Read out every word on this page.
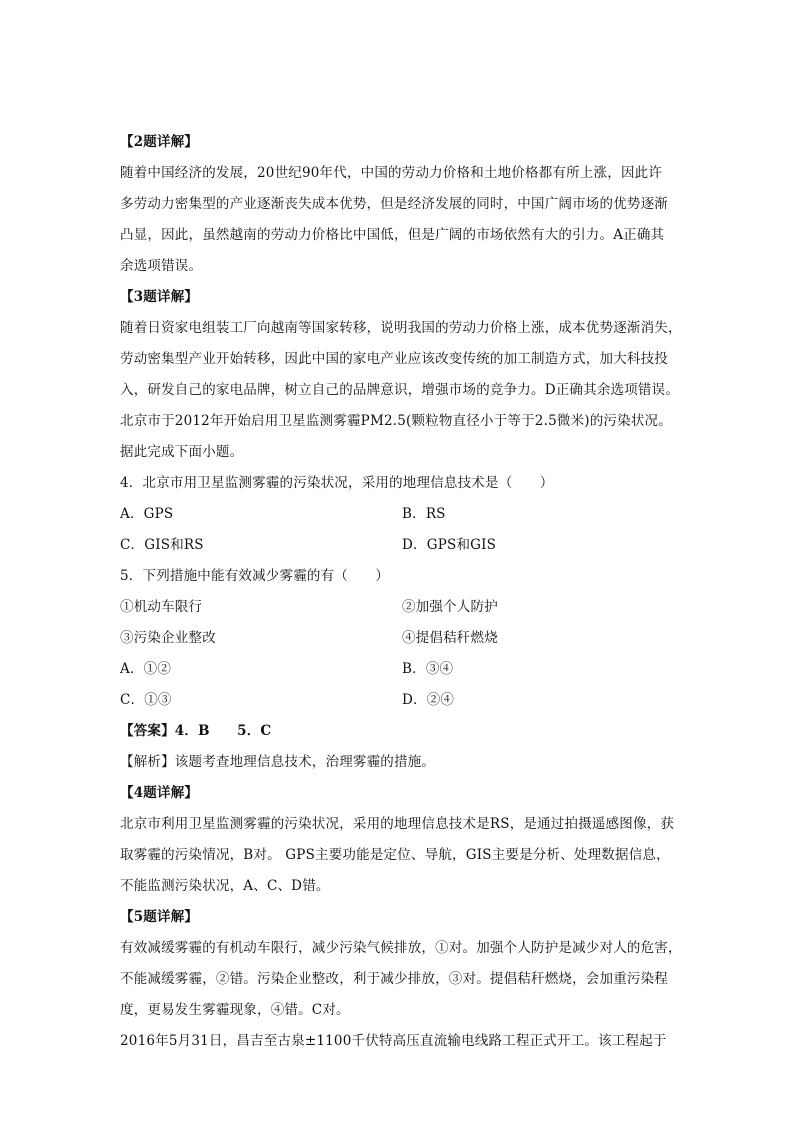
【2题详解】
随着中国经济的发展，20世纪90年代，中国的劳动力价格和土地价格都有所上涨，因此许
多劳动力密集型的产业逐渐丧失成本优势，但是经济发展的同时，中国广阔市场的优势逐渐
凸显，因此，虽然越南的劳动力价格比中国低，但是广阔的市场依然有大的引力。A正确其
余选项错误。
【3题详解】
随着日资家电组装工厂向越南等国家转移，说明我国的劳动力价格上涨，成本优势逐渐消失，
劳动密集型产业开始转移，因此中国的家电产业应该改变传统的加工制造方式，加大科技投
入，研发自己的家电品牌，树立自己的品牌意识，增强市场的竞争力。D正确其余选项错误。
北京市于2012年开始启用卫星监测雾霾PM2.5(颗粒物直径小于等于2.5微米)的污染状况。
据此完成下面小题。
4．北京市用卫星监测雾霾的污染状况，采用的地理信息技术是（　　）
A．GPS	B．RS
C．GIS和RS	D．GPS和GIS
5．下列措施中能有效减少雾霾的有（　　）
①机动车限行	②加强个人防护
③污染企业整改	④提倡秸秆燃烧
A．①②	B．③④
C．①③	D．②④
【答案】4．B　　5．C
【解析】该题考查地理信息技术，治理雾霾的措施。
【4题详解】
北京市利用卫星监测雾霾的污染状况，采用的地理信息技术是RS，是通过拍摄遥感图像，获
取雾霾的污染情况，B对。 GPS主要功能是定位、导航，GIS主要是分析、处理数据信息，
不能监测污染状况，A、C、D错。
【5题详解】
有效减缓雾霾的有机动车限行，减少污染气候排放，①对。加强个人防护是减少对人的危害，
不能减缓雾霾，②错。污染企业整改，利于减少排放，③对。提倡秸秆燃烧，会加重污染程
度，更易发生雾霾现象，④错。C对。
2016年5月31日，昌吉至古泉±1100千伏特高压直流输电线路工程正式开工。该工程起于
